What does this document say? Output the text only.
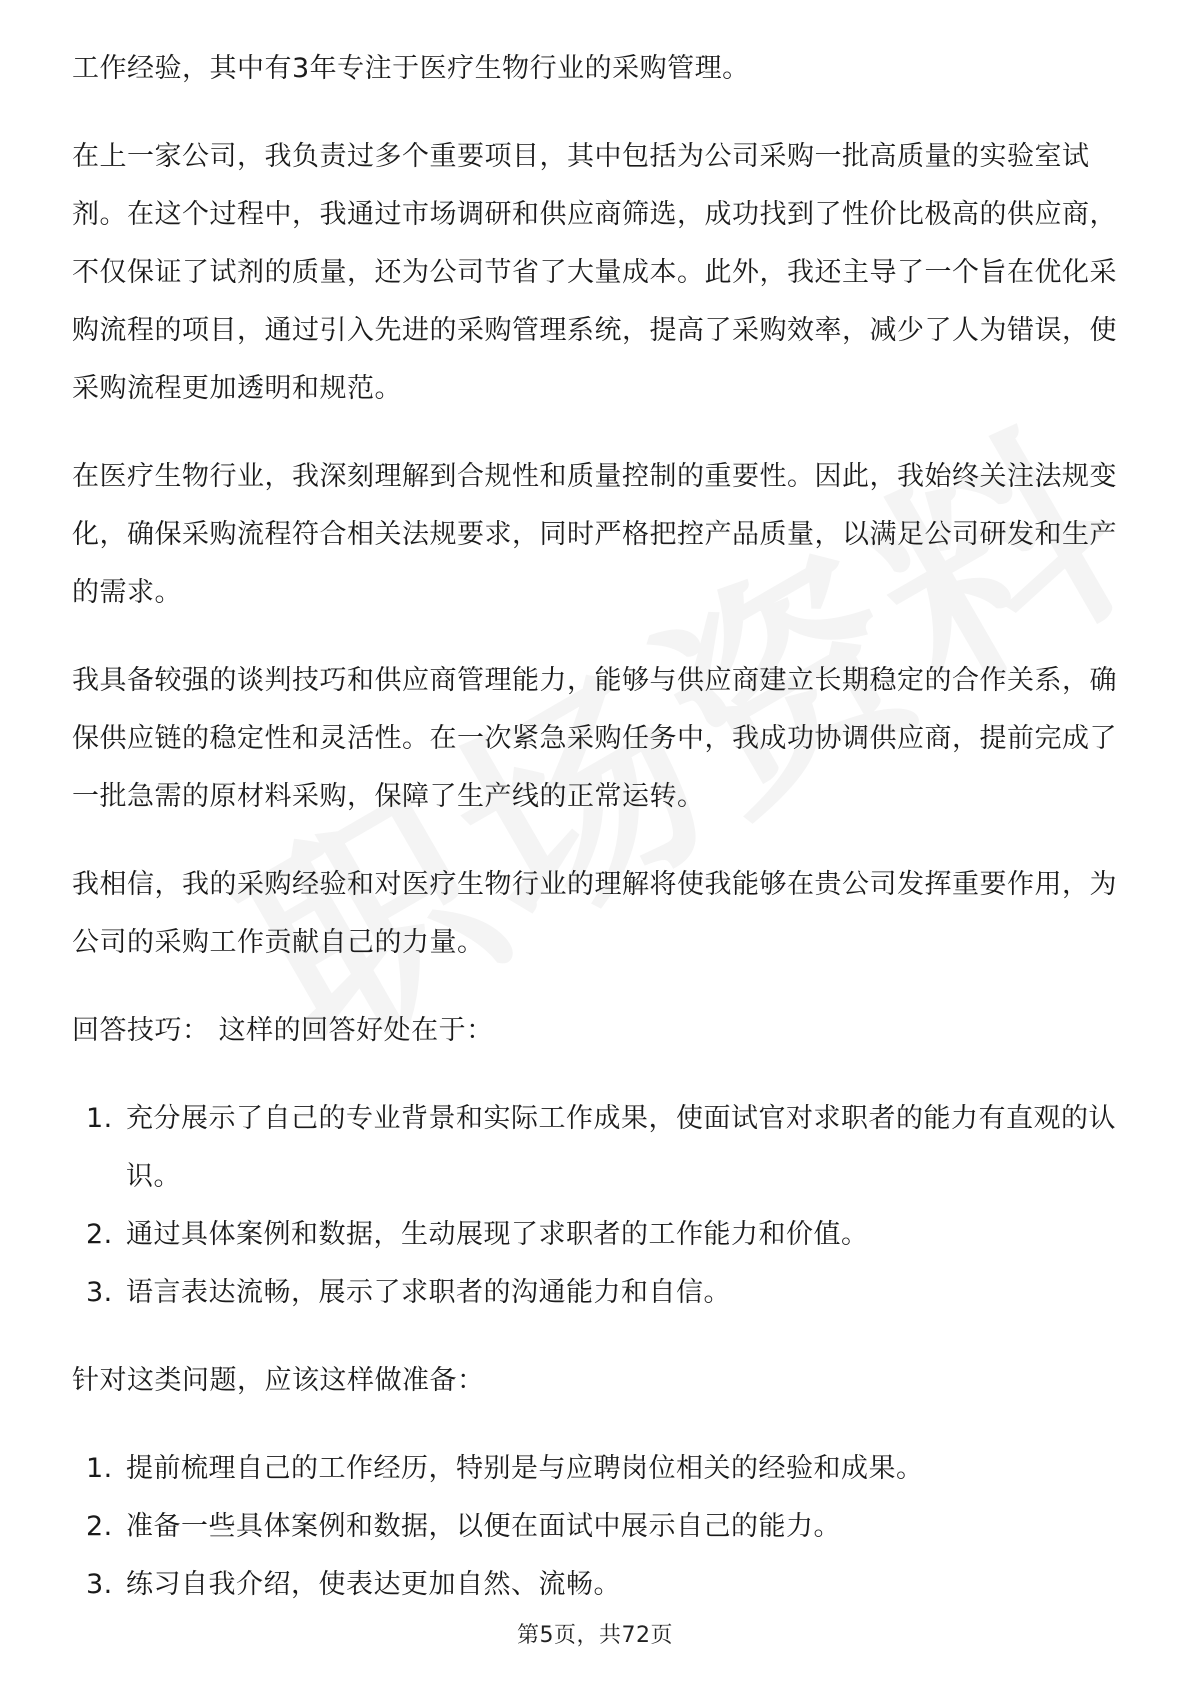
工作经验，其中有3年专注于医疗生物行业的采购管理。

在上一家公司，我负责过多个重要项目，其中包括为公司采购一批高质量的实验室试剂。在这个过程中，我通过市场调研和供应商筛选，成功找到了性价比极高的供应商，不仅保证了试剂的质量，还为公司节省了大量成本。此外，我还主导了一个旨在优化采购流程的项目，通过引入先进的采购管理系统，提高了采购效率，减少了人为错误，使采购流程更加透明和规范。

在医疗生物行业，我深刻理解到合规性和质量控制的重要性。因此，我始终关注法规变化，确保采购流程符合相关法规要求，同时严格把控产品质量，以满足公司研发和生产的需求。

我具备较强的谈判技巧和供应商管理能力，能够与供应商建立长期稳定的合作关系，确保供应链的稳定性和灵活性。在一次紧急采购任务中，我成功协调供应商，提前完成了一批急需的原材料采购，保障了生产线的正常运转。

我相信，我的采购经验和对医疗生物行业的理解将使我能够在贵公司发挥重要作用，为公司的采购工作贡献自己的力量。

回答技巧： 这样的回答好处在于：

1. 充分展示了自己的专业背景和实际工作成果，使面试官对求职者的能力有直观的认识。
2. 通过具体案例和数据，生动展现了求职者的工作能力和价值。
3. 语言表达流畅，展示了求职者的沟通能力和自信。

针对这类问题，应该这样做准备：

1. 提前梳理自己的工作经历，特别是与应聘岗位相关的经验和成果。
2. 准备一些具体案例和数据，以便在面试中展示自己的能力。
3. 练习自我介绍，使表达更加自然、流畅。
第5页，共72页
